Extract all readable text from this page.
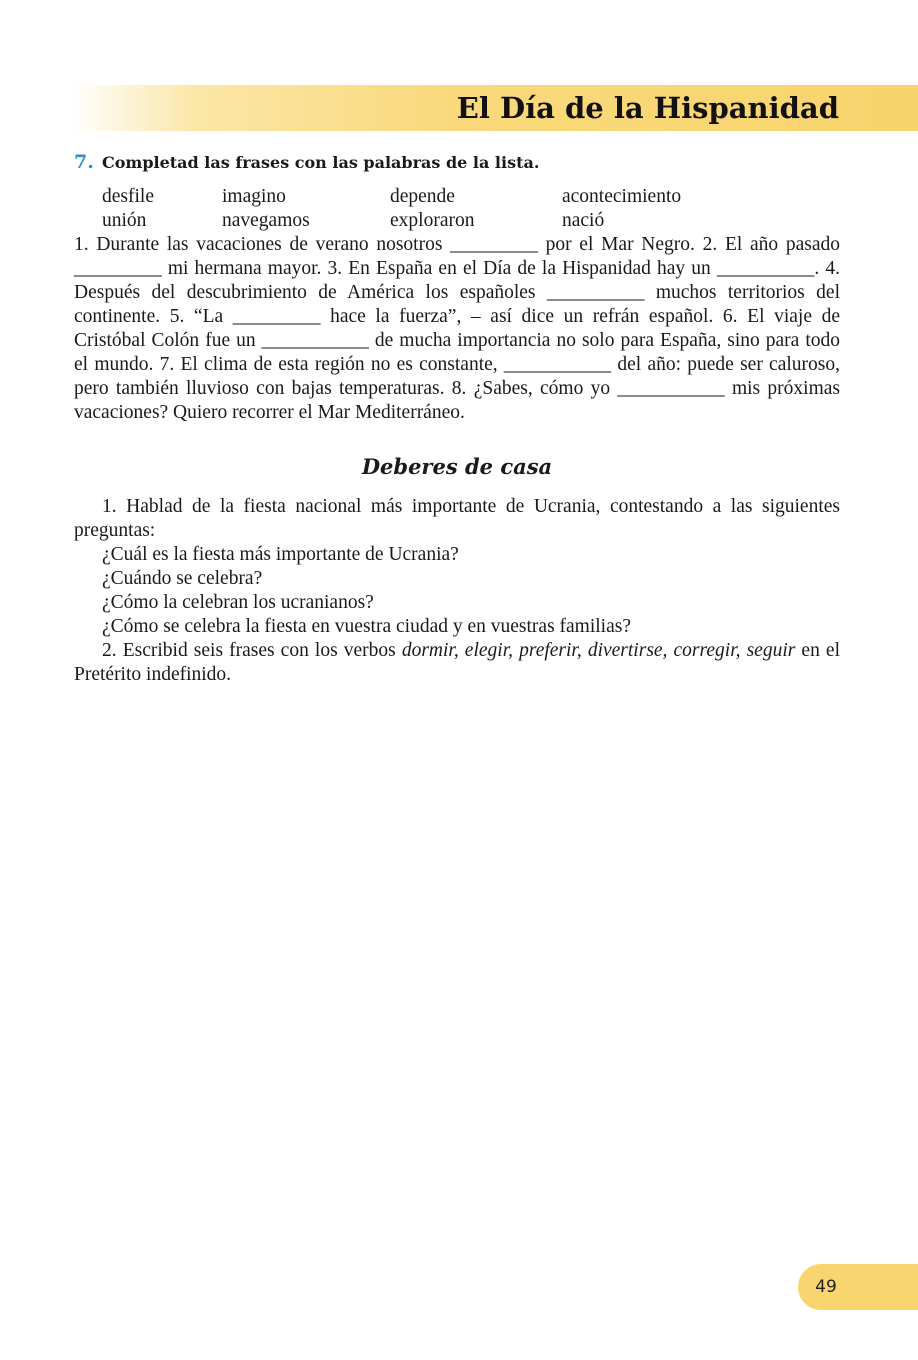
El Día de la Hispanidad
7. Completad las frases con las palabras de la lista.
desfile	imagino	depende	acontecimiento
unión	navegamos	exploraron	nació

1. Durante las vacaciones de verano nosotros _________ por el Mar Negro. 2. El año pasado _________ mi hermana mayor. 3. En España en el Día de la Hispanidad hay un __________. 4. Después del descubrimiento de América los españoles __________ muchos territorios del continente. 5. “La _________ hace la fuerza”, – así dice un refrán español. 6. El viaje de Cristóbal Colón fue un ___________ de mucha importancia no solo para España, sino para todo el mundo. 7. El clima de esta región no es constante, ___________ del año: puede ser caluroso, pero también lluvioso con bajas temperaturas. 8. ¿Sabes, cómo yo ___________ mis próximas vacaciones? Quiero recorrer el Mar Mediterráneo.

Deberes de casa

1. Hablad de la fiesta nacional más importante de Ucrania, contestando a las siguientes preguntas:

¿Cuál es la fiesta más importante de Ucrania?

¿Cuándo se celebra?

¿Cómo la celebran los ucranianos?

¿Cómo se celebra la fiesta en vuestra ciudad y en vuestras familias?

2. Escribid seis frases con los verbos dormir, elegir, preferir, divertirse, corregir, seguir en el Pretérito indefinido.

49
